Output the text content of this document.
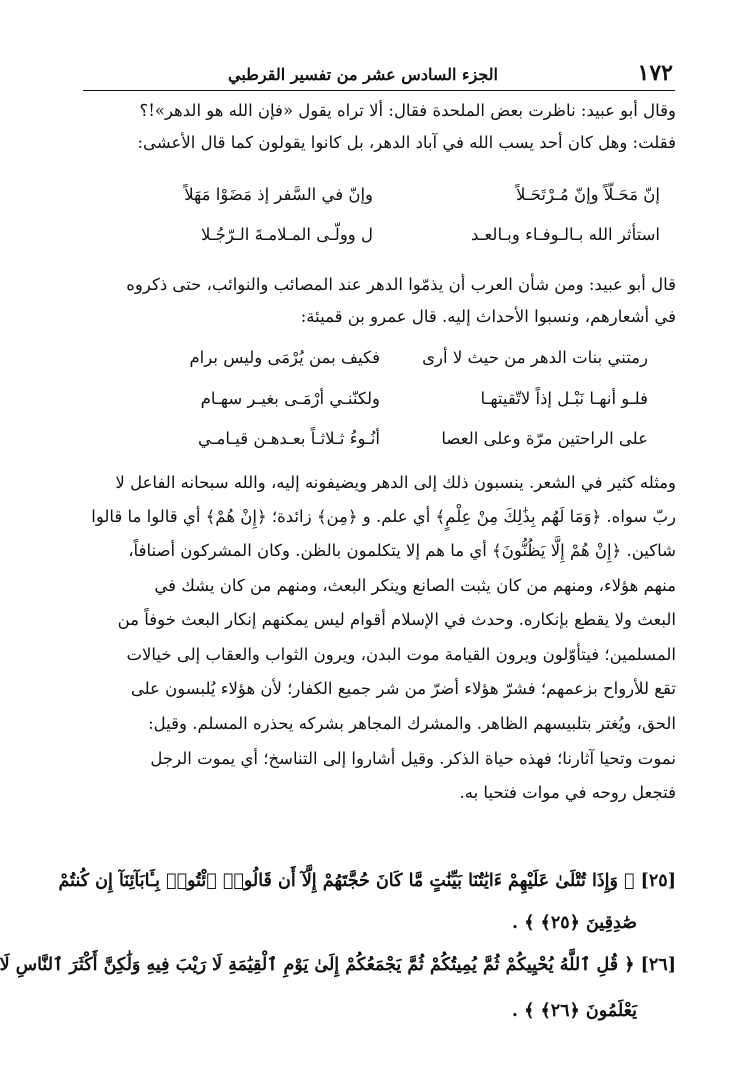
١٧٢
الجزء السادس عشر من تفسير القرطبي
وقال أبو عبيد: ناظرت بعض الملحدة فقال: ألا تراه يقول «فإن الله هو الدهر»!؟
فقلت: وهل كان أحد يسب الله في آباد الدهر، بل كانوا يقولون كما قال الأعشى:
إنّ مَحَـلّاً وإنّ مُـرْتَحَـلاً
وإنّ في السَّفر إذ مَضَوْا مَهَلاً
استأثر الله بـالـوفـاء وبـالعـد
ل وولّـى المـلامـةَ الـرّجُـلا
قال أبو عبيد: ومن شأن العرب أن يذمّوا الدهر عند المصائب والنوائب، حتى ذكروه
في أشعارهم، ونسبوا الأحداث إليه. قال عمرو بن قميئة:
رمتني بنات الدهر من حيث لا أرى
فكيف بمن يُرْمَى وليس برام
فلـو أنهـا نَبْـل إذاً لاتّقيتهـا
ولكنّنـي أرْمَـى بغيـر سهـام
على الراحتين مرّة وعلى العصا
أنُـوءُ ثـلاثـاً بعـدهـن قيـامـي
ومثله كثير في الشعر. ينسبون ذلك إلى الدهر ويضيفونه إليه، والله سبحانه الفاعل لا
ربّ سواه. ﴿وَمَا لَهُم بِذَٰلِكَ مِنْ عِلْمٍ﴾ أي علم. و ﴿مِن﴾ زائدة؛ ﴿إِنْ هُمْ﴾ أي قالوا ما قالوا
شاكين. ﴿إِنْ هُمْ إِلَّا يَظُنُّونَ﴾ أي ما هم إلا يتكلمون بالظن. وكان المشركون أصنافاً،
منهم هؤلاء، ومنهم من كان يثبت الصانع وينكر البعث، ومنهم من كان يشك في
البعث ولا يقطع بإنكاره. وحدث في الإسلام أقوام ليس يمكنهم إنكار البعث خوفاً من
المسلمين؛ فيتأوّلون ويرون القيامة موت البدن، ويرون الثواب والعقاب إلى خيالات
تقع للأرواح بزعمهم؛ فشرّ هؤلاء أضرّ من شر جميع الكفار؛ لأن هؤلاء يُلبسون على
الحق، ويُغتر بتلبيسهم الظاهر. والمشرك المجاهر بشركه يحذره المسلم. وقيل:
نموت وتحيا آثارنا؛ فهذه حياة الذكر. وقيل أشاروا إلى التناسخ؛ أي يموت الرجل
فتجعل روحه في موات فتحيا به.
[٢٥] ﴿ وَإِذَا تُتْلَىٰ عَلَيْهِمْ ءَايَٰتُنَا بَيِّنَٰتٍ مَّا كَانَ حُجَّتَهُمْ إِلَّآ أَن قَالُوا۟ ٱئْتُوا۟ بِـَٔابَآئِنَآ إِن كُنتُمْ
صَٰدِقِينَ ﴿٢٥﴾ ﴾ .
[٢٦] ﴿ قُلِ ٱللَّهُ يُحْيِيكُمْ ثُمَّ يُمِيتُكُمْ ثُمَّ يَجْمَعُكُمْ إِلَىٰ يَوْمِ ٱلْقِيَٰمَةِ لَا رَيْبَ فِيهِ وَلَٰكِنَّ أَكْثَرَ ٱلنَّاسِ لَا
يَعْلَمُونَ ﴿٢٦﴾ ﴾ .
